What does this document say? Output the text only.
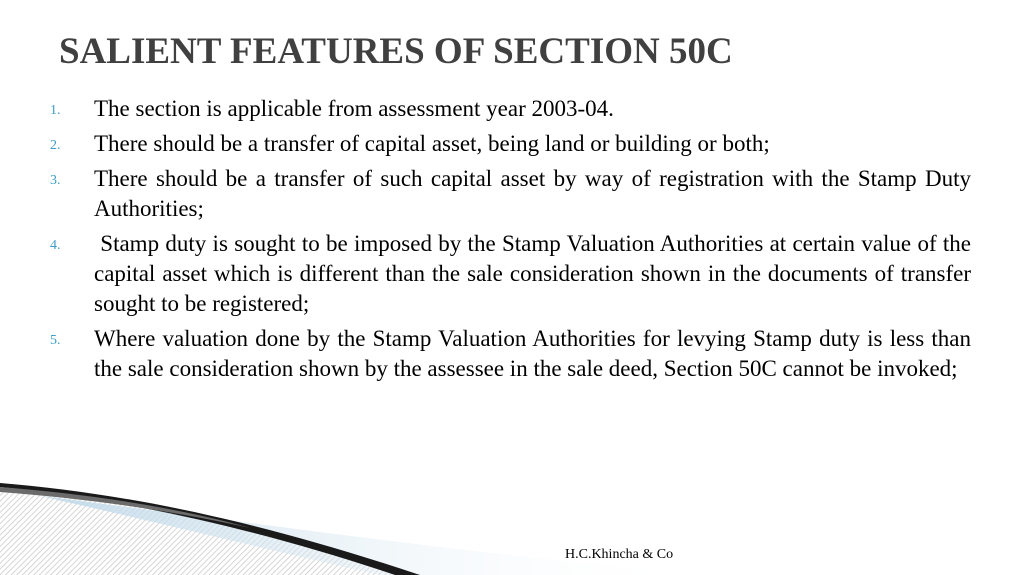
SALIENT FEATURES OF SECTION 50C
1. The section is applicable from assessment year 2003-04.
2. There should be a transfer of capital asset, being land or building or both;
3. There should be a transfer of such capital asset by way of registration with the Stamp Duty Authorities;
4. Stamp duty is sought to be imposed by the Stamp Valuation Authorities at certain value of the capital asset which is different than the sale consideration shown in the documents of transfer sought to be registered;
5. Where valuation done by the Stamp Valuation Authorities for levying Stamp duty is less than the sale consideration shown by the assessee in the sale deed, Section 50C cannot be invoked;
H.C.Khincha & Co
